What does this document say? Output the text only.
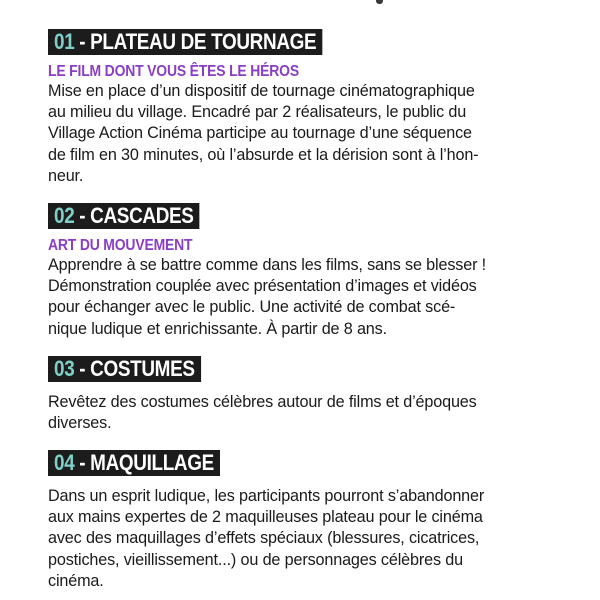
01 - PLATEAU DE TOURNAGE
LE FILM DONT VOUS ÊTES LE HÉROS

Mise en place d’un dispositif de tournage cinématographique
au milieu du village. Encadré par 2 réalisateurs, le public du
Village Action Cinéma participe au tournage d’une séquence
de film en 30 minutes, où l’absurde et la dérision sont à l’hon-
neur.

02 - CASCADES
ART DU MOUVEMENT

Apprendre à se battre comme dans les films, sans se blesser !
Démonstration couplée avec présentation d’images et vidéos
pour échanger avec le public. Une activité de combat scé-
nique ludique et enrichissante. À partir de 8 ans.

03 - COSTUMES

Revêtez des costumes célèbres autour de films et d’époques
diverses.

04 - MAQUILLAGE

Dans un esprit ludique, les participants pourront s’abandonner
aux mains expertes de 2 maquilleuses plateau pour le cinéma
avec des maquillages d’effets spéciaux (blessures, cicatrices,
postiches, vieillissement...) ou de personnages célèbres du
cinéma.
